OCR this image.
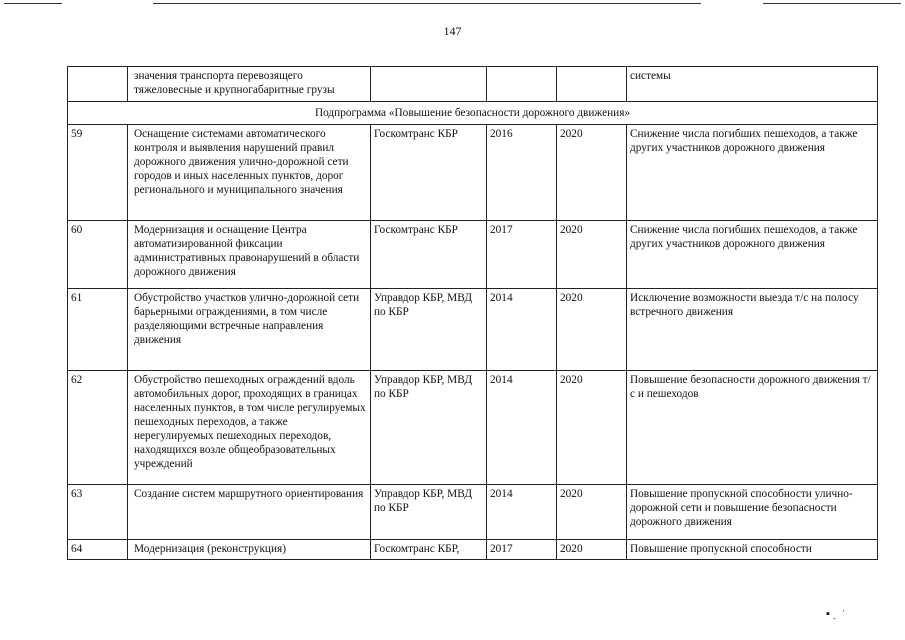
147
	значения транспорта перевозящего тяжеловесные и крупногабаритные грузы				системы
Подпрограмма «Повышение безопасности дорожного движения»					
59	Оснащение системами автоматического контроля и выявления нарушений правил дорожного движения улично-дорожной сети городов и иных населенных пунктов, дорог регионального и муниципального значения	Госкомтранс КБР	2016	2020	Снижение числа погибших пешеходов, а также других участников дорожного движения
60	Модернизация и оснащение Центра автоматизированной фиксации административных правонарушений в области дорожного движения	Госкомтранс КБР	2017	2020	Снижение числа погибших пешеходов, а также других участников дорожного движения
61	Обустройство участков улично-дорожной сети барьерными ограждениями, в том числе разделяющими встречные направления движения	Управдор КБР, МВД по КБР	2014	2020	Исключение возможности выезда т/с на полосу встречного движения
62	Обустройство пешеходных ограждений вдоль автомобильных дорог, проходящих в границах населенных пунктов, в том числе регулируемых пешеходных переходов, а также нерегулируемых пешеходных переходов, находящихся возле общеобразовательных учреждений	Управдор КБР, МВД по КБР	2014	2020	Повышение безопасности дорожного движения т/с и пешеходов
63	Создание систем маршрутного ориентирования	Управдор КБР, МВД по КБР	2014	2020	Повышение пропускной способности улично-дорожной сети и повышение безопасности дорожного движения
64	Модернизация (реконструкция)	Госкомтранс КБР,	2017	2020	Повышение пропускной способности
▪ ˏ  ˈ
